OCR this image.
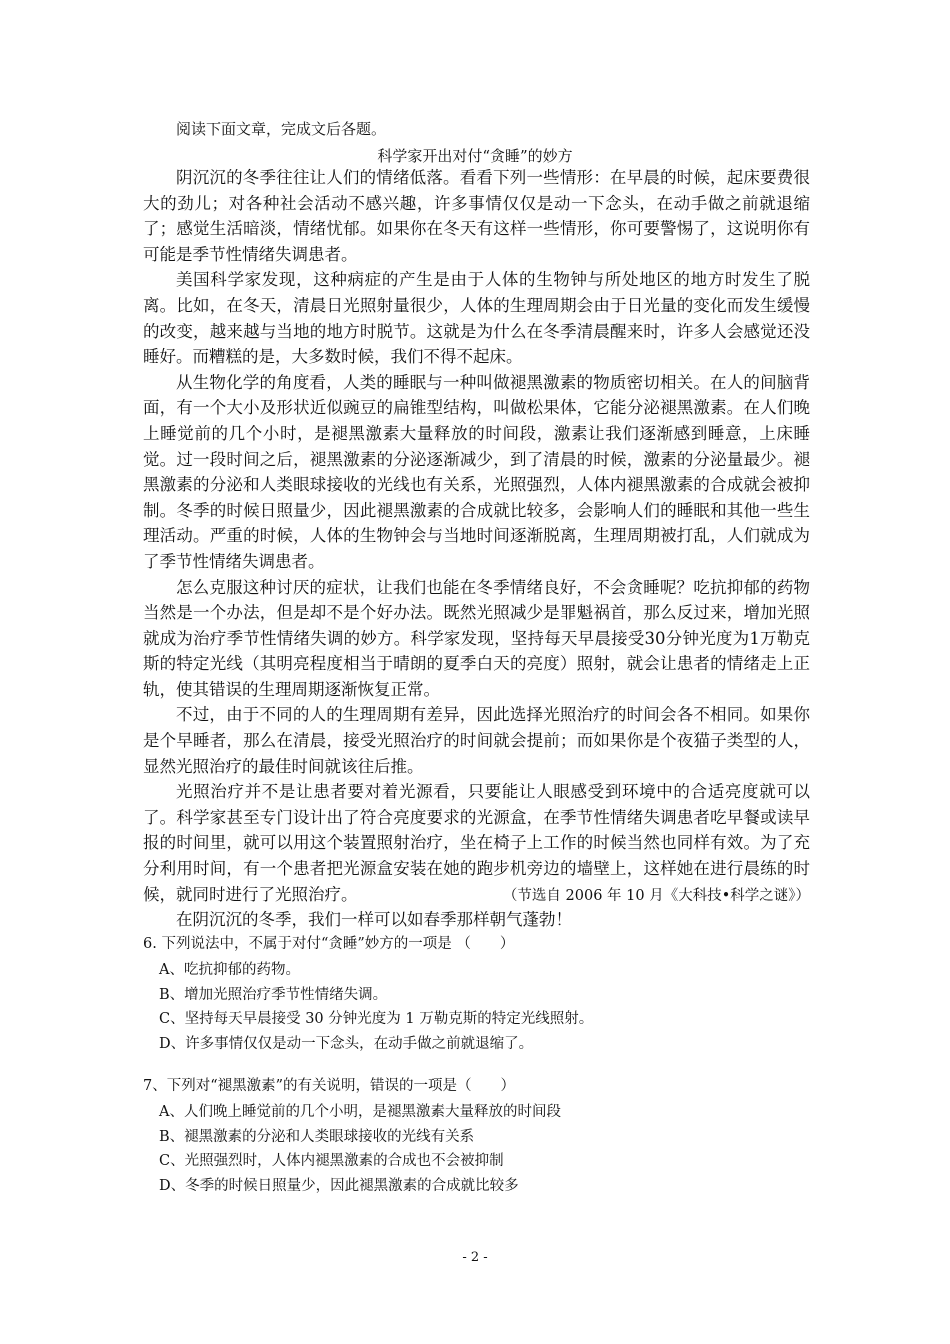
阅读下面文章，完成文后各题。
科学家开出对付“贪睡”的妙方

阴沉沉的冬季往往让人们的情绪低落。看看下列一些情形：在早晨的时候，起床要费很大的劲儿；对各种社会活动不感兴趣，许多事情仅仅是动一下念头，在动手做之前就退缩了；感觉生活暗淡，情绪忧郁。如果你在冬天有这样一些情形，你可要警惕了，这说明你有可能是季节性情绪失调患者。

美国科学家发现，这种病症的产生是由于人体的生物钟与所处地区的地方时发生了脱离。比如，在冬天，清晨日光照射量很少，人体的生理周期会由于日光量的变化而发生缓慢的改变，越来越与当地的地方时脱节。这就是为什么在冬季清晨醒来时，许多人会感觉还没睡好。而糟糕的是，大多数时候，我们不得不起床。

从生物化学的角度看，人类的睡眠与一种叫做褪黑激素的物质密切相关。在人的间脑背面，有一个大小及形状近似豌豆的扁锥型结构，叫做松果体，它能分泌褪黑激素。在人们晚上睡觉前的几个小时，是褪黑激素大量释放的时间段，激素让我们逐渐感到睡意，上床睡觉。过一段时间之后，褪黑激素的分泌逐渐减少，到了清晨的时候，激素的分泌量最少。褪黑激素的分泌和人类眼球接收的光线也有关系，光照强烈，人体内褪黑激素的合成就会被抑制。冬季的时候日照量少，因此褪黑激素的合成就比较多，会影响人们的睡眠和其他一些生理活动。严重的时候，人体的生物钟会与当地时间逐渐脱离，生理周期被打乱，人们就成为了季节性情绪失调患者。

怎么克服这种讨厌的症状，让我们也能在冬季情绪良好，不会贪睡呢？吃抗抑郁的药物当然是一个办法，但是却不是个好办法。既然光照减少是罪魁祸首，那么反过来，增加光照就成为治疗季节性情绪失调的妙方。科学家发现，坚持每天早晨接受30分钟光度为1万勒克斯的特定光线（其明亮程度相当于晴朗的夏季白天的亮度）照射，就会让患者的情绪走上正轨，使其错误的生理周期逐渐恢复正常。

不过，由于不同的人的生理周期有差异，因此选择光照治疗的时间会各不相同。如果你是个早睡者，那么在清晨，接受光照治疗的时间就会提前；而如果你是个夜猫子类型的人，显然光照治疗的最佳时间就该往后推。

光照治疗并不是让患者要对着光源看，只要能让人眼感受到环境中的合适亮度就可以了。科学家甚至专门设计出了符合亮度要求的光源盒，在季节性情绪失调患者吃早餐或读早报的时间里，就可以用这个装置照射治疗，坐在椅子上工作的时候当然也同样有效。为了充分利用时间，有一个患者把光源盒安装在她的跑步机旁边的墙壁上，这样她在进行晨练的时候，就同时进行了光照治疗。

在阴沉沉的冬季，我们一样可以如春季那样朝气蓬勃！

（节选自 2006 年 10 月《大科技•科学之谜》）
6. 下列说法中，不属于对付“贪睡”妙方的一项是 （　　）
A、吃抗抑郁的药物。
B、增加光照治疗季节性情绪失调。
C、坚持每天早晨接受 30 分钟光度为 1 万勒克斯的特定光线照射。
D、许多事情仅仅是动一下念头，在动手做之前就退缩了。
7、下列对“褪黑激素”的有关说明，错误的一项是（　　）
A、人们晚上睡觉前的几个小明，是褪黑激素大量释放的时间段
B、褪黑激素的分泌和人类眼球接收的光线有关系
C、光照强烈时，人体内褪黑激素的合成也不会被抑制
D、冬季的时候日照量少，因此褪黑激素的合成就比较多
- 2 -
